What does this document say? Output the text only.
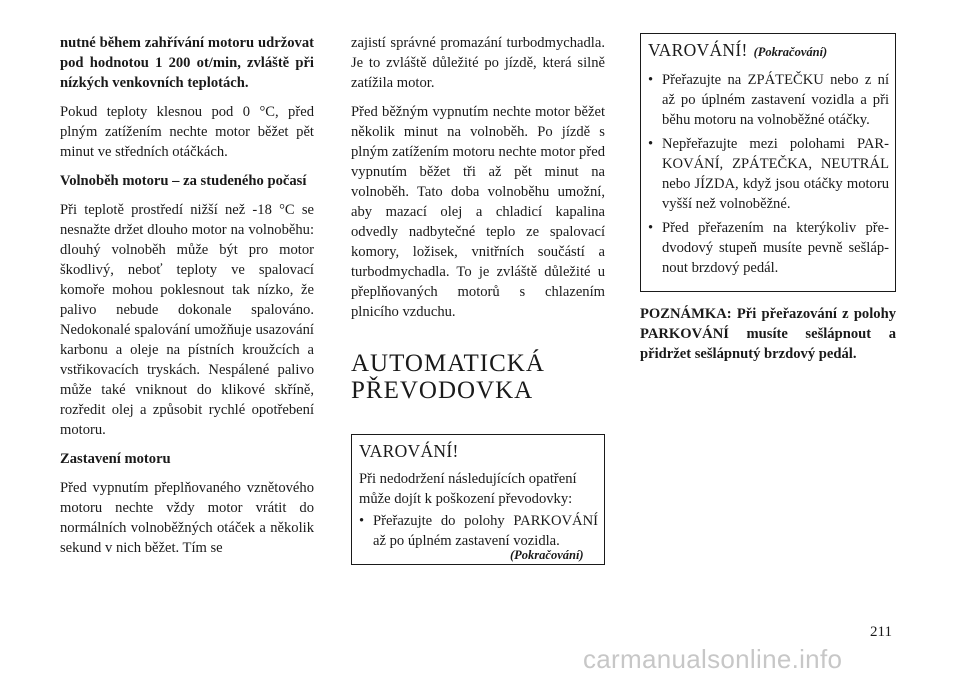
nutné během zahřívání motoru udržovat pod hodnotou 1 200 ot/min, zvláště při nízkých venkovních teplotách.

Pokud teploty klesnou pod 0 °C, před plným zatížením nechte motor běžet pět minut ve středních otáčkách.

Volnoběh motoru – za studeného počasí

Při teplotě prostředí nižší než -18 °C se nesnažte držet dlouho motor na volnoběhu: dlouhý volnoběh může být pro motor škodlivý, neboť teploty ve spalovací komoře mohou poklesnout tak nízko, že palivo nebude dokonale spalováno. Nedokonalé spalování umožňuje usazování karbonu a oleje na pístních kroužcích a vstřikovacích tryskách. Nespálené palivo může také vniknout do klikové skříně, rozředit olej a způsobit rychlé opotřebení motoru.

Zastavení motoru

Před vypnutím přeplňovaného vznětového motoru nechte vždy motor vrátit do normálních volnoběžných otáček a několik sekund v nich běžet. Tím se

zajistí správné promazání turbodmychadla. Je to zvláště důležité po jízdě, která silně zatížila motor.

Před běžným vypnutím nechte motor běžet několik minut na volnoběh. Po jízdě s plným zatížením motoru nechte motor před vypnutím běžet tři až pět minut na volnoběh. Tato doba volnoběhu umožní, aby mazací olej a chladicí kapalina odvedly nadbytečné teplo ze spalovací komory, ložisek, vnitřních součástí a turbodmychadla. To je zvláště důležité u přeplňovaných motorů s chlazením plnicího vzduchu.

AUTOMATICKÁ
PŘEVODOVKA
VAROVÁNÍ!

Při nedodržení následujících opatření může dojít k poškození převodovky:

• Přeřazujte do polohy PARKOVÁNÍ až po úplném zastavení vozidla.
(Pokračování)
VAROVÁNÍ! (Pokračování)
• Přeřazujte na ZPÁTEČKU nebo z ní až po úplném zastavení vozidla a při běhu motoru na volnoběžné otáčky.
• Nepřeřazujte mezi polohami PARKOVÁNÍ, ZPÁTEČKA, NEUTRÁL nebo JÍZDA, když jsou otáčky motoru vyšší než volnoběžné.
• Před přeřazením na kterýkoliv předvodový stupeň musíte pevně sešlápnout brzdový pedál.

POZNÁMKA: Při přeřazování z polohy PARKOVÁNÍ musíte sešlápnout a přidržet sešlápnutý brzdový pedál.

211
carmanualsonline.info
